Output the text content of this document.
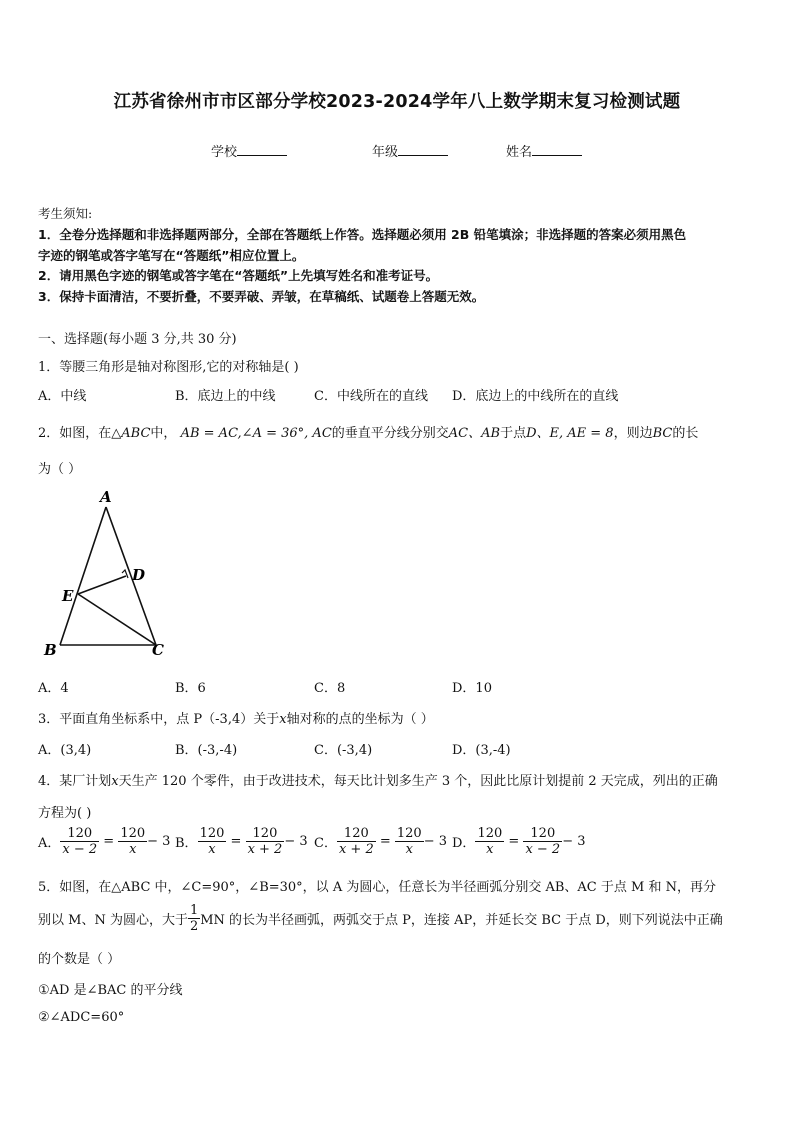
江苏省徐州市市区部分学校2023-2024学年八上数学期末复习检测试题
学校	年级	姓名
考生须知:
1．全卷分选择题和非选择题两部分，全部在答题纸上作答。选择题必须用 2B 铅笔填涂；非选择题的答案必须用黑色
字迹的钢笔或答字笔写在“答题纸”相应位置上。
2．请用黑色字迹的钢笔或答字笔在“答题纸”上先填写姓名和准考证号。
3．保持卡面清洁，不要折叠，不要弄破、弄皱，在草稿纸、试题卷上答题无效。
一、选择题(每小题 3 分,共 30 分)
1．等腰三角形是轴对称图形,它的对称轴是( )
A．中线	B．底边上的中线	C．中线所在的直线 D．底边上的中线所在的直线
2．如图，在△ABC中， AB = AC,∠A = 36°, AC的垂直平分线分别交AC、AB于点D、E, AE = 8，则边BC的长
为（ ）
A
B	C
D
E
A．4	B．6	C．8	D．10
3．平面直角坐标系中，点 P（-3,4）关于x轴对称的点的坐标为（ ）
A．(3,4)	B．(-3,-4)	C．(-3,4)	D．(3,-4)
4．某厂计划x天生产 120 个零件，由于改进技术，每天比计划多生产 3 个，因此比原计划提前 2 天完成，列出的正确
方程为( )
A． $\frac{120}{x - 2} = \frac{120}{x} - 3$ B． $\frac{120}{x} = \frac{120}{x + 2} - 3$ C． $\frac{120}{x + 2} = \frac{120}{x} - 3$ D． $\frac{120}{x} = \frac{120}{x - 2} - 3$
5．如图，在△ABC 中，∠C=90°，∠B=30°，以 A 为圆心，任意长为半径画弧分别交 AB、AC 于点 M 和 N，再分
别以 M、N 为圆心，大于 $\frac{1}{2}$ MN 的长为半径画弧，两弧交于点 P，连接 AP，并延长交 BC 于点 D，则下列说法中正确
的个数是（ ）
①AD 是∠BAC 的平分线
②∠ADC=60°
